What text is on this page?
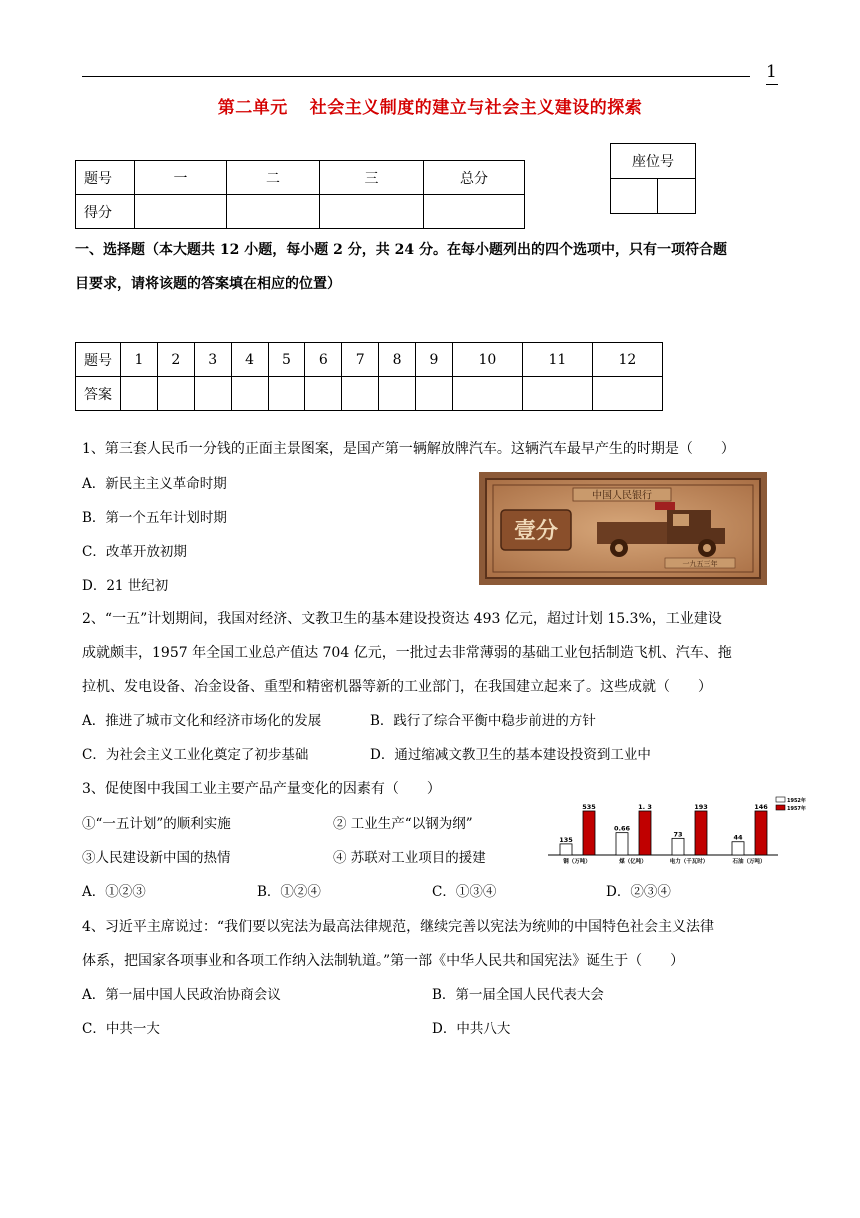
1
第二单元 社会主义制度的建立与社会主义建设的探索
题号	一	二	三	总分
得分				
座位号

一、选择题（本大题共 12 小题，每小题 2 分，共 24 分。在每小题列出的四个选项中，只有一项符合题
目要求，请将该题的答案填在相应的位置）
题号	1	2	3	4	5	6	7	8	9	10	11	12
答案												
1、第三套人民币一分钱的正面主景图案，是国产第一辆解放牌汽车。这辆汽车最早产生的时期是（　　）
A．新民主主义革命时期
B．第一个五年计划时期
C．改革开放初期
D．21 世纪初
中国人民银行
壹分
一九五三年
2、“一五”计划期间，我国对经济、文教卫生的基本建设投资达 493 亿元，超过计划 15.3%，工业建设
成就颇丰，1957 年全国工业总产值达 704 亿元，一批过去非常薄弱的基础工业包括制造飞机、汽车、拖
拉机、发电设备、冶金设备、重型和精密机器等新的工业部门，在我国建立起来了。这些成就（　　）
A．推进了城市文化和经济市场化的发展	B．践行了综合平衡中稳步前进的方针
C．为社会主义工业化奠定了初步基础	D．通过缩减文教卫生的基本建设投资到工业中
3、促使图中我国工业主要产品产量变化的因素有（　　）
①“一五计划”的顺利实施	② 工业生产“以钢为纲”
③人民建设新中国的热情	④ 苏联对工业项目的援建
A．①②③	B．①②④	C．①③④	D．②③④
135
535
钢（万吨）
0.66
1. 3
煤（亿吨）
73
193
电力（千瓦时）
44
146
石油（万吨）
1952年
1957年
4、习近平主席说过：“我们要以宪法为最高法律规范，继续完善以宪法为统帅的中国特色社会主义法律
体系，把国家各项事业和各项工作纳入法制轨道。”第一部《中华人民共和国宪法》诞生于（　　）
A．第一届中国人民政治协商会议	B．第一届全国人民代表大会
C．中共一大	D．中共八大
